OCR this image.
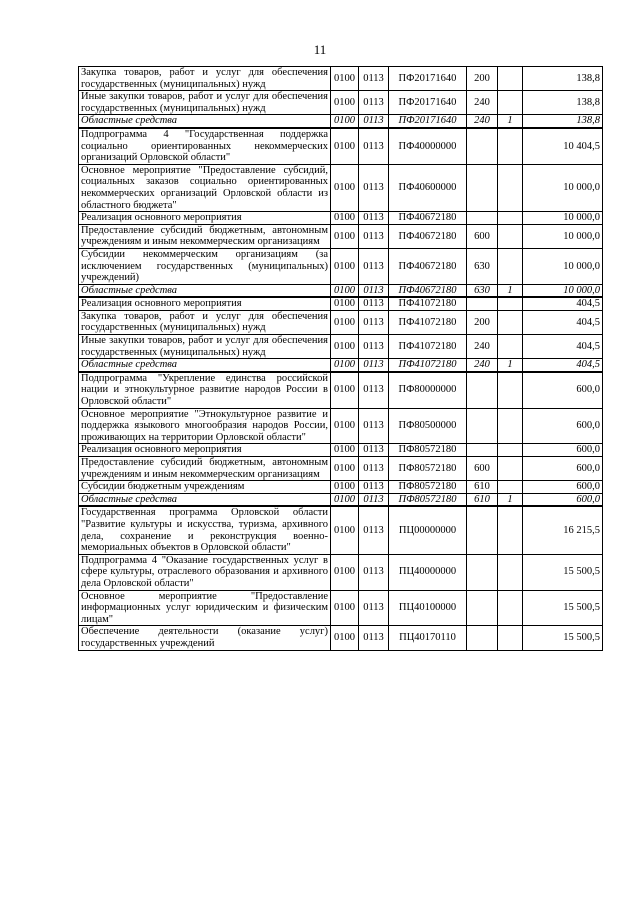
11
Закупка товаров, работ и услуг для обеспечения государственных (муниципальных) нужд	0100	0113	ПФ20171640	200		138,8
Иные закупки товаров, работ и услуг для обеспечения государственных (муниципальных) нужд	0100	0113	ПФ20171640	240		138,8
Областные средства	0100	0113	ПФ20171640	240	1	138,8
Подпрограмма 4 "Государственная поддержка социально ориентированных некоммерческих организаций Орловской области"	0100	0113	ПФ40000000			10 404,5
Основное мероприятие "Предоставление субсидий, социальных заказов социально ориентированных некоммерческих организаций Орловской области из областного бюджета"	0100	0113	ПФ40600000			10 000,0
Реализация основного мероприятия	0100	0113	ПФ40672180			10 000,0
Предоставление субсидий бюджетным, автономным учреждениям и иным некоммерческим организациям	0100	0113	ПФ40672180	600		10 000,0
Субсидии некоммерческим организациям (за исключением государственных (муниципальных) учреждений)	0100	0113	ПФ40672180	630		10 000,0
Областные средства	0100	0113	ПФ40672180	630	1	10 000,0
Реализация основного мероприятия	0100	0113	ПФ41072180			404,5
Закупка товаров, работ и услуг для обеспечения государственных (муниципальных) нужд	0100	0113	ПФ41072180	200		404,5
Иные закупки товаров, работ и услуг для обеспечения государственных (муниципальных) нужд	0100	0113	ПФ41072180	240		404,5
Областные средства	0100	0113	ПФ41072180	240	1	404,5
Подпрограмма "Укрепление единства российской нации и этнокультурное развитие народов России в Орловской области"	0100	0113	ПФ80000000			600,0
Основное мероприятие "Этнокультурное развитие и поддержка языкового многообразия народов России, проживающих на территории Орловской области"	0100	0113	ПФ80500000			600,0
Реализация основного мероприятия	0100	0113	ПФ80572180			600,0
Предоставление субсидий бюджетным, автономным учреждениям и иным некоммерческим организациям	0100	0113	ПФ80572180	600		600,0
Субсидии бюджетным учреждениям	0100	0113	ПФ80572180	610		600,0
Областные средства	0100	0113	ПФ80572180	610	1	600,0
Государственная программа Орловской области "Развитие культуры и искусства, туризма, архивного дела, сохранение и реконструкция военно-мемориальных объектов в Орловской области"	0100	0113	ПЦ00000000			16 215,5
Подпрограмма 4 "Оказание государственных услуг в сфере культуры, отраслевого образования и архивного дела Орловской области"	0100	0113	ПЦ40000000			15 500,5
Основное мероприятие "Предоставление информационных услуг юридическим и физическим лицам"	0100	0113	ПЦ40100000			15 500,5
Обеспечение деятельности (оказание услуг) государственных учреждений	0100	0113	ПЦ40170110			15 500,5
